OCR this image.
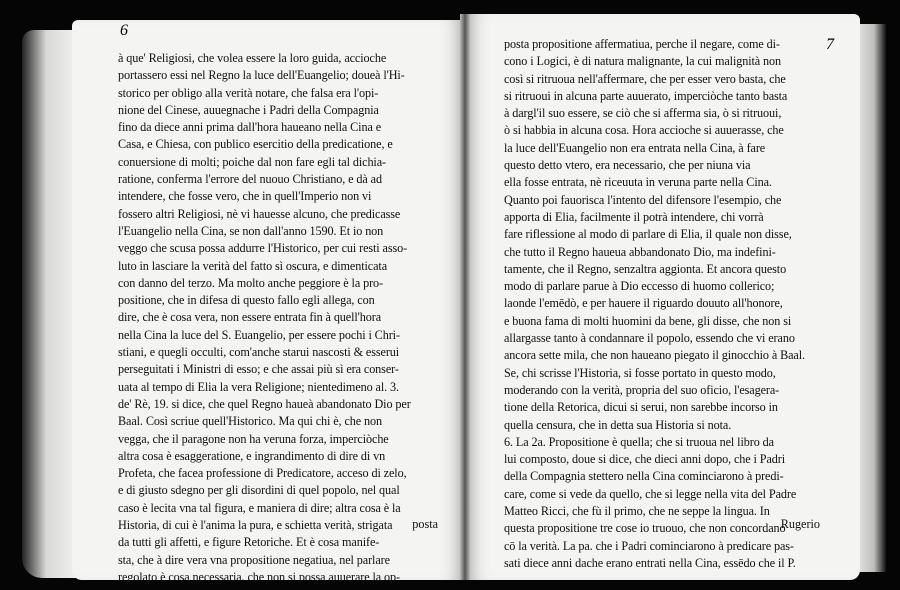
à que' Religiosi, che volea essere la loro guida, accioche
portassero essi nel Regno la luce dell'Euangelio; doueà l'Hi-
storico per obligo alla verità notare, che falsa era l'opi-
nione del Cinese, auuegnache i Padri della Compagnia
fino da diece anni prima dall'hora haueano nella Cina e
Casa, e Chiesa, con publico esercitio della predicatione, e
conuersione di molti; poiche dal non fare egli tal dichia-
ratione, conferma l'errore del nuouo Christiano, e dà ad
intendere, che fosse vero, che in quell'Imperio non vi
fossero altri Religiosi, nè vi hauesse alcuno, che predicasse
l'Euangelio nella Cina, se non dall'anno 1590. Et io non
veggo che scusa possa addurre l'Historico, per cui resti asso-
luto in lasciare la verità del fatto sì oscura, e dimenticata
con danno del terzo. Ma molto anche peggiore è la pro-
positione, che in difesa di questo fallo egli allega, con
dire, che è cosa vera, non essere entrata fin à quell'hora
nella Cina la luce del S. Euangelio, per essere pochi i Chri-
stiani, e quegli occulti, com'anche starui nascosti & esserui
perseguitati i Ministri di esso; e che assai più sì era conser-
uata al tempo di Elia la vera Religione; nientedimeno al. 3.
de' Rè, 19. si dice, che quel Regno haueà abandonato Dio per
Baal. Così scriue quell'Historico. Ma qui chi è, che non
vegga, che il paragone non ha veruna forza, imperciòche
altra cosa è esaggeratione, e ingrandimento di dire di vn
Profeta, che facea professione di Predicatore, acceso di zelo,
e di giusto sdegno per gli disordini di quel popolo, nel qual
caso è lecita vna tal figura, e maniera di dire; altra cosa è la
Historia, di cui è l'anima la pura, e schietta verità, strigata
da tutti gli affetti, e figure Retoriche. Et è cosa manife-
sta, che à dire vera vna propositione negatiua, nel parlare
regolato è cosa necessaria, che non si possa auuerare la op-
posta
posta propositione affermatiua, perche il negare, come di-
cono i Logici, è di natura malignante, la cui malignità non
così si ritruoua nell'affermare, che per esser vero basta, che
si ritruoui in alcuna parte auuerato, imperciòche tanto basta
à dargl'il suo essere, se ciò che si afferma sia, ò si ritruoui,
ò si habbia in alcuna cosa. Hora accioche si auuerasse, che
la luce dell'Euangelio non era entrata nella Cina, à fare
questo detto vtero, era necessario, che per niuna via
ella fosse entrata, nè riceuuta in veruna parte nella Cina.
Quanto poi fauorisca l'intento del difensore l'esempio, che
apporta di Elia, facilmente il potrà intendere, chi vorrà
fare riflessione al modo di parlare di Elia, il quale non disse,
che tutto il Regno haueua abbandonato Dio, ma indefini-
tamente, che il Regno, senzaltra aggionta. Et ancora questo
modo di parlare parue à Dio eccesso di huomo collerico;
laonde l'emēdò, e per hauere il riguardo douuto all'honore,
e buona fama di molti huomini da bene, gli disse, che non si
allargasse tanto à condannare il popolo, essendo che vi erano
ancora sette mila, che non haueano piegato il ginocchio à Baal.
Se, chi scrisse l'Historia, si fosse portato in questo modo,
moderando con la verità, propria del suo oficio, l'esagera-
tione della Retorica, dicui si serui, non sarebbe incorso in
quella censura, che in detta sua Historia si nota.
6. La 2a. Propositione è quella; che si truoua nel libro da
lui composto, doue si dice, che dieci anni dopo, che i Padri
della Compagnia stettero nella Cina cominciarono à predi-
care, come si vede da quello, che si legge nella vita del Padre
Matteo Ricci, che fù il primo, che ne seppe la lingua. In
questa propositione tre cose io truouo, che non concordano
cō la verità. La pa. che i Padri cominciarono à predicare pas-
sati diece anni dache erano entrati nella Cina, essēdo che il P.
Rugerio
6
7
